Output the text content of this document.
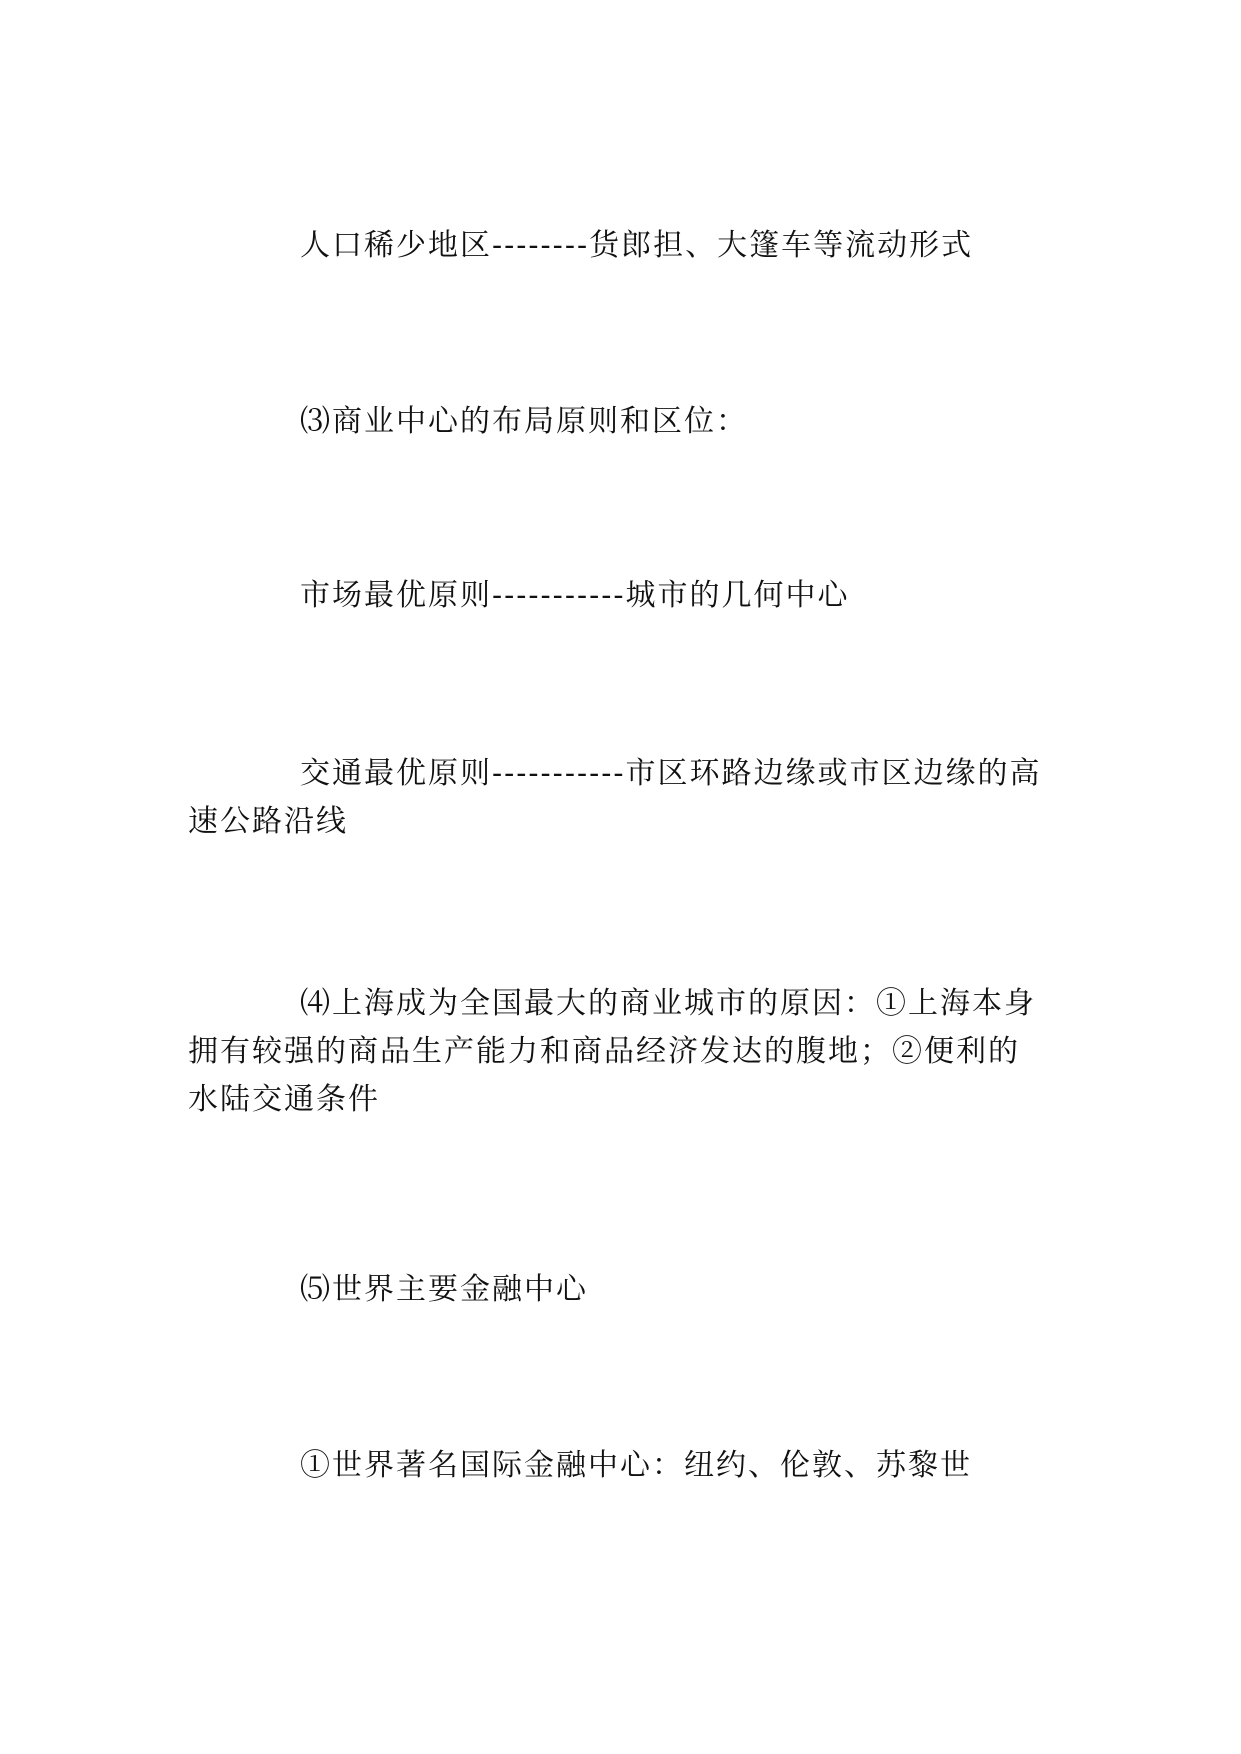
人口稀少地区--------货郎担、大篷车等流动形式

⑶商业中心的布局原则和区位：

市场最优原则-----------城市的几何中心

交通最优原则-----------市区环路边缘或市区边缘的高速公路沿线

⑷上海成为全国最大的商业城市的原因：①上海本身拥有较强的商品生产能力和商品经济发达的腹地；②便利的水陆交通条件

⑸世界主要金融中心

①世界著名国际金融中心：纽约、伦敦、苏黎世
